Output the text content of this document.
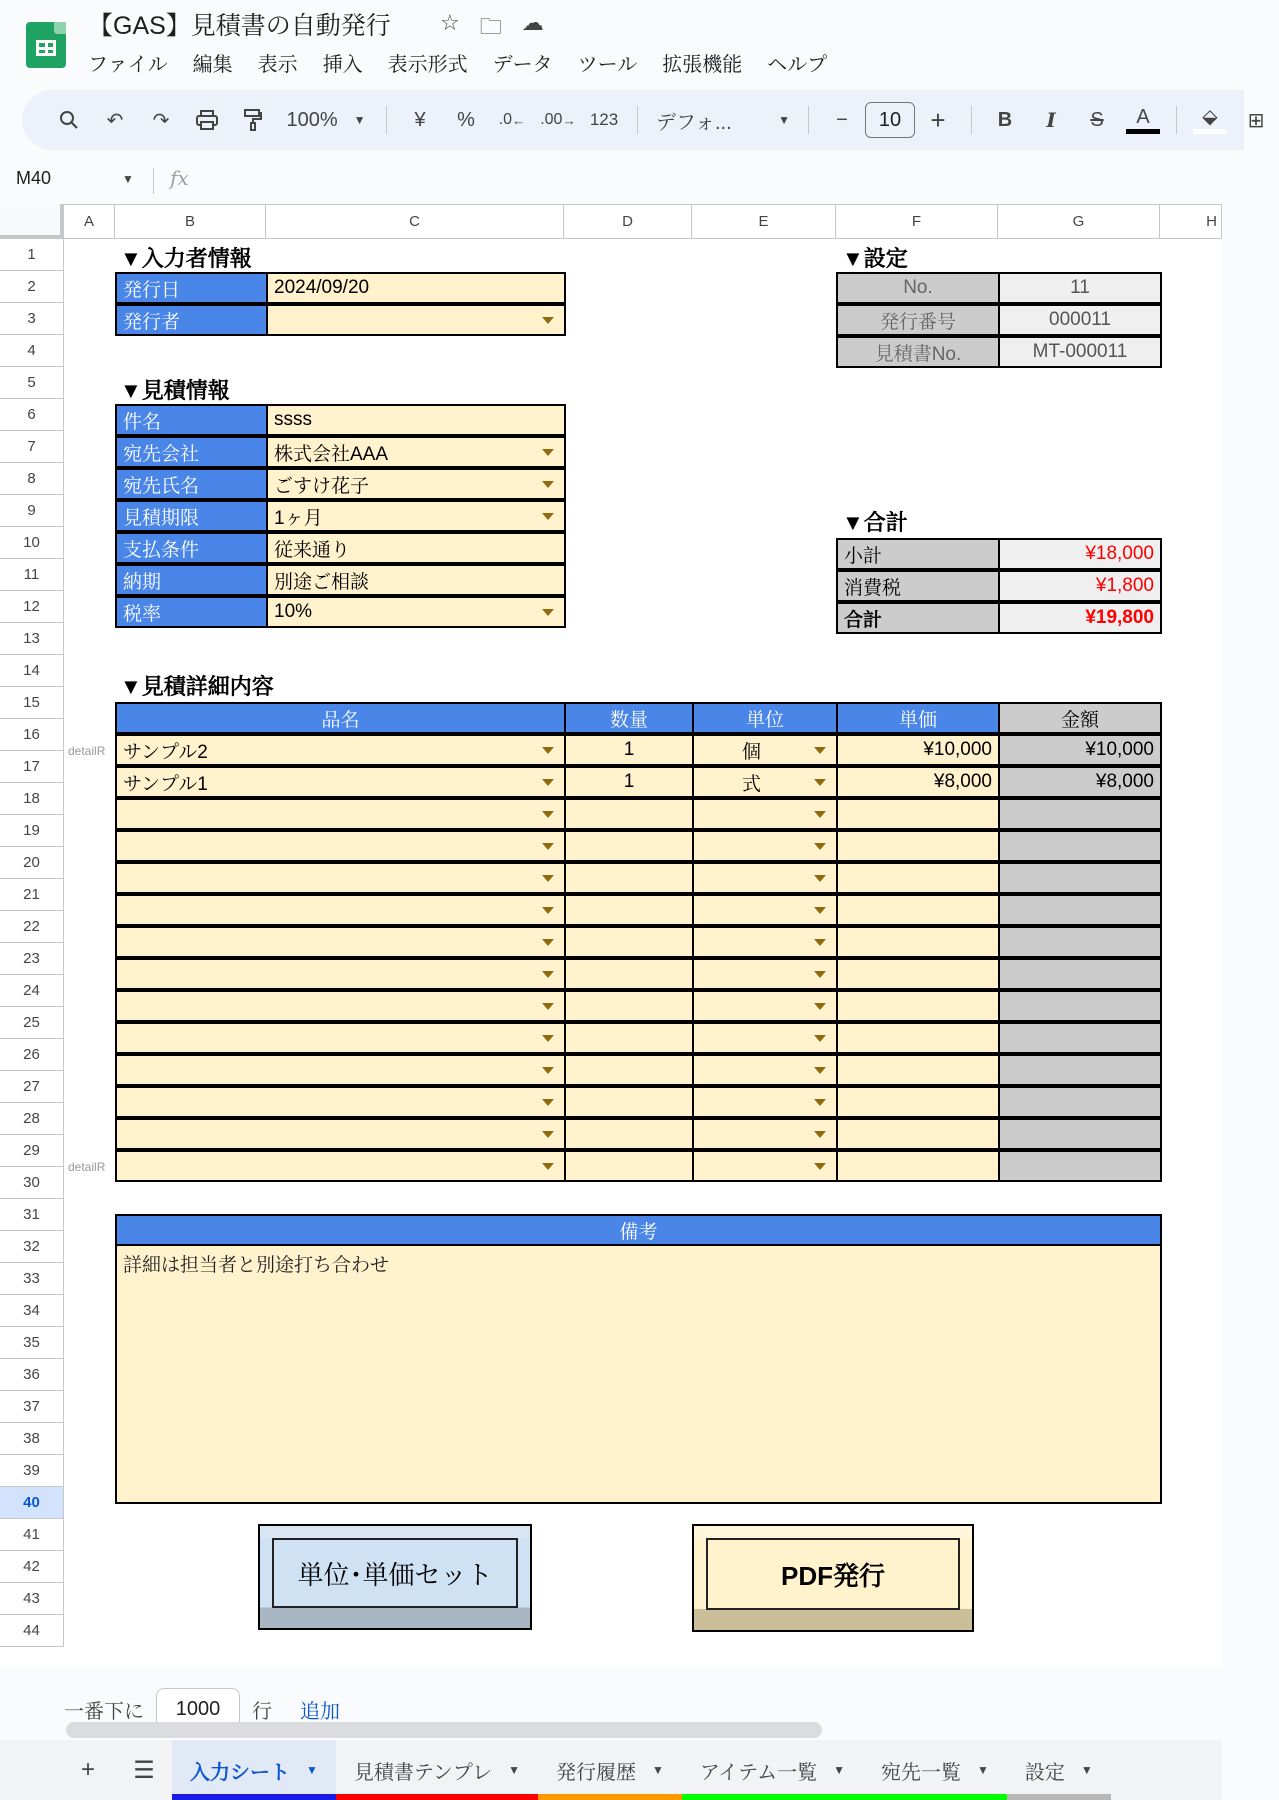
【GAS】見積書の自動発行 ☆ 🗀 ☁
ファイル 編集 表示 挿入 表示形式 データ ツール 拡張機能 ヘルプ
↶	↷	100% ▼	¥	%	.0 ← .00 → 123	デフォ...	▼	−	10	+	B I S A	⬙	⊞
M40	▼ fx
A	B	C	D	E	F	G	H
1
2
3
4
5
6
7
8
9
10
11
12
13
14
15
16
17
18
19
20
21
22
23
24
25
26
27
28
29
30
31
32
33
34
35
36
37
38
39
40
41
42
43
44
▼入力者情報
発行日	2024/09/20
発行者
▼設定
No.	11
発行番号	000011
見積書No.	MT-000011
▼見積情報
件名	ssss
宛先会社	株式会社AAA
宛先氏名	ごすけ花子
見積期限	1ヶ月
支払条件	従来通り
納期	別途ご相談
税率	10%
▼合計
小計	¥18,000
消費税	¥1,800
合計	¥19,800
▼見積詳細内容
品名	数量	単位	単価	金額
サンプル2	1	個	¥10,000	¥10,000
サンプル1	1	式	¥8,000	¥8,000
detailR
detailR
備考
詳細は担当者と別途打ち合わせ
単位･単価セット	PDF発行
一番下に	1000	行 追加
+	☰	入力シート ▼ 見積書テンプレ ▼ 発行履歴 ▼ アイテム一覧 ▼ 宛先一覧 ▼ 設定 ▼
